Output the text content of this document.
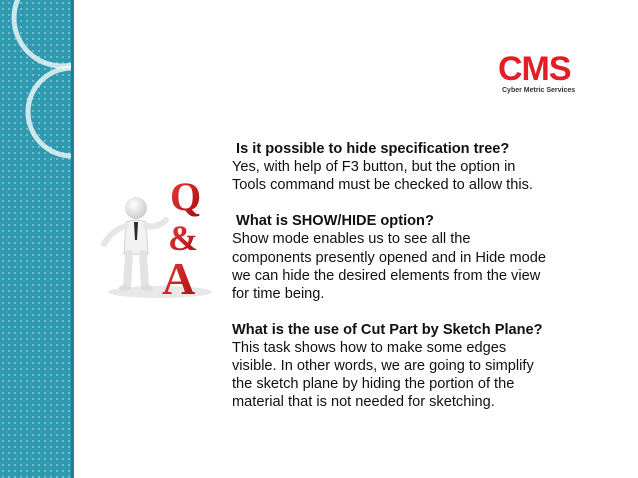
CMS
Cyber Metric Services
Q
&
A
Is it possible to hide specification tree?
Yes, with help of F3 button, but the option in Tools command must be checked to allow this.
What is SHOW/HIDE option?
Show mode enables us to see all the components presently opened and in Hide mode we can hide the desired elements from the view for time being.
What is the use of Cut Part by Sketch Plane?
This task shows how to make some edges visible. In other words, we are going to simplify the sketch plane by hiding the portion of the material that is not needed for sketching.
